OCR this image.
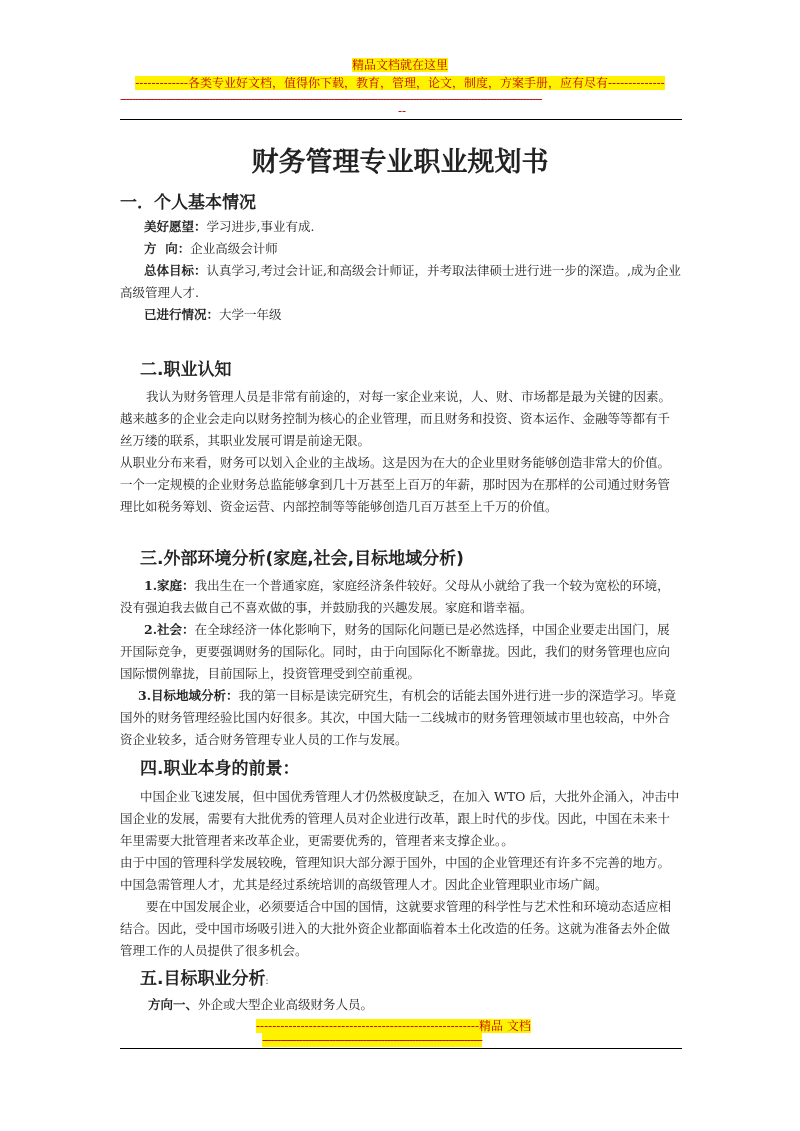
精品文档就在这里
-------------各类专业好文档，值得你下载，教育，管理，论文，制度，方案手册，应有尽有--------------
------------------------------------------------------------------------------------------------------------------------------------------
--
财务管理专业职业规划书
一．个人基本情况
美好愿望：学习进步,事业有成.
方  向：企业高级会计师
总体目标：认真学习,考过会计证,和高级会计师证，并考取法律硕士进行进一步的深造。,成为企业高级管理人才.
已进行情况：大学一年级
二.职业认知
我认为财务管理人员是非常有前途的，对每一家企业来说，人、财、市场都是最为关键的因素。越来越多的企业会走向以财务控制为核心的企业管理，而且财务和投资、资本运作、金融等等都有千丝万缕的联系，其职业发展可谓是前途无限。
从职业分布来看，财务可以划入企业的主战场。这是因为在大的企业里财务能够创造非常大的价值。一个一定规模的企业财务总监能够拿到几十万甚至上百万的年薪，那时因为在那样的公司通过财务管理比如税务筹划、资金运营、内部控制等等能够创造几百万甚至上千万的价值。
三.外部环境分析(家庭,社会,目标地域分析)
1.家庭：我出生在一个普通家庭，家庭经济条件较好。父母从小就给了我一个较为宽松的环境，没有强迫我去做自己不喜欢做的事，并鼓励我的兴趣发展。家庭和谐幸福。
2.社会：在全球经济一体化影响下，财务的国际化问题已是必然选择，中国企业要走出国门，展开国际竞争，更要强调财务的国际化。同时，由于向国际化不断靠拢。因此，我们的财务管理也应向国际惯例靠拢，目前国际上，投资管理受到空前重视。
3.目标地域分析：我的第一目标是读完研究生，有机会的话能去国外进行进一步的深造学习。毕竟国外的财务管理经验比国内好很多。其次，中国大陆一二线城市的财务管理领域市里也较高，中外合资企业较多，适合财务管理专业人员的工作与发展。
四.职业本身的前景：
中国企业飞速发展，但中国优秀管理人才仍然极度缺乏，在加入 WTO 后，大批外企涌入，冲击中国企业的发展，需要有大批优秀的管理人员对企业进行改革，跟上时代的步伐。因此，中国在未来十年里需要大批管理者来改革企业，更需要优秀的，管理者来支撑企业。。
由于中国的管理科学发展较晚，管理知识大部分源于国外，中国的企业管理还有许多不完善的地方。中国急需管理人才，尤其是经过系统培训的高级管理人才。因此企业管理职业市场广阔。
要在中国发展企业，必须要适合中国的国情，这就要求管理的科学性与艺术性和环境动态适应相结合。因此，受中国市场吸引进入的大批外资企业都面临着本土化改造的任务。这就为准备去外企做管理工作的人员提供了很多机会。
五.目标职业分析:
方向一、外企或大型企业高级财务人员。
-------------------------------------------------------精品 文档
------------------------------------------------------------------------
